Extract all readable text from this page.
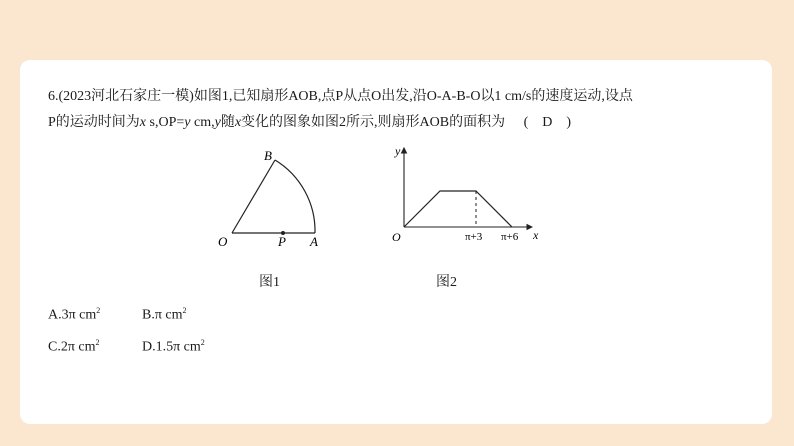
6.(2023河北石家庄一模)如图1,已知扇形AOB,点P从点O出发,沿O-A-B-O以1 cm/s的速度运动,设点
P的运动时间为x s,OP=y cm,y随x变化的图象如图2所示,则扇形AOB的面积为 ( D )
B
O	P A
y
x
O	π+3 π+6
图1	图2
A.3π $cm^2$	B.π $cm^2$
C.2π $cm^2$	D.1.5π $cm^2$
